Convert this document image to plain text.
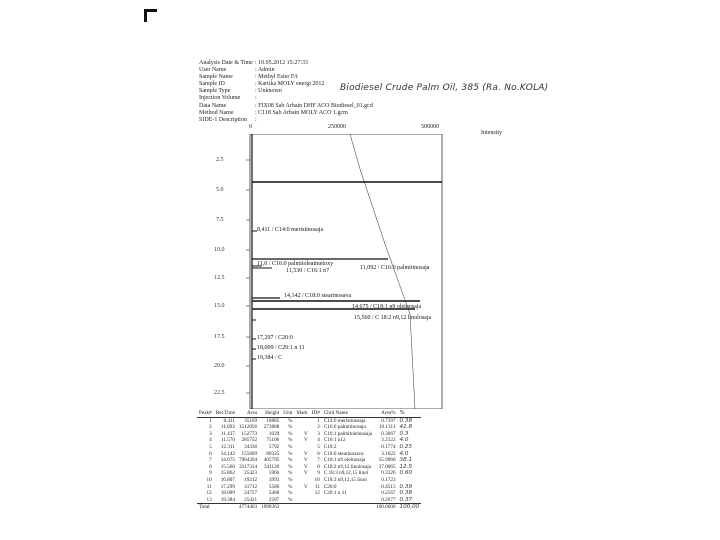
Analysis Date & Time : 10.05.2012 15:27:33
User Name	: Admin
Sample Name	: Methyl Ester FA
Sample ID	: Kartika MOLY energi 2012
Sample Type	: Unknown
Injection Volume	:
Data Name	: FIX08 Sab Arbain DHF ACO Biodiesel_01.gcd
Method Name	: C118 Sab Arbain MOLY ACO 1.gcm
SIDE-1 Description	:
Biodiesel Crude Palm Oil, 385 (Ra. No.KOLA)
0	250000	500000
Intensity
2.5
5.0
7.5
10.0
12.5
15.0
17.5
20.0
22.5
8,411 / C14:0 meristinosaja
11,0 / C16:0 palmitoleatmetoxy
11,530 / C16:1 n7	11,092 / C16:0 palmitinosaja
14,142 / C18:0 stearinosava
14,675 / C18:1 n9 oleinosaja
15,560 / C 18:2 n9,12 linolosaja
17,297 / C20:0
18,009 / C20:1 n 11
19,384 / C
Peak#	Ret.Time	Area	Height	Unit	Mark	ID#	Chrd Name	Area%	%
1	8.411	35169	10885	%		1	C14:0 meristinosaja	0.7397	0.38
2	11.092	1512056	273888	%		2	C16:0 palmitinosaja	10.1311	41.8
3	11.437	152773	1029	%	V	3	C16:1 palmitoleinosaja	0.3067	0.3
4	11.570	285752	75106	%	V	4	C16:1 n12	3.2122	4.0
5	12.311	34336	5792	%		5	C18:2	0.1774	0.25
6	14.142	155609	80325	%	V	6	C18:0 stearinosava	3.1022	4.0
7	14.675	7904394	405795	%	V	7	C18:1 n9 oleinosaja	55.9960	38.1
8	15.560	3317314	341120	%	V	8	C18:2 n9,12 linolosaja	37.0065	12.5
9	15.862	25423	5966	%	V	9	C 18:3 n9,12,15 linol	0.3326	0.60
10	16.807	19212	3993	%		10	C18:3 n9,12,15 linol	0.1723	
11	17.299	31712	5586	%	V	11	C20:0	0.4515	0.39
12	18.009	24757	5468	%		12	C20:1 n 11	0.2567	0.38
13	19.384	25421	2587	%				0.2677	0.37
Total		4774403	1090363					100.0000	100,00
